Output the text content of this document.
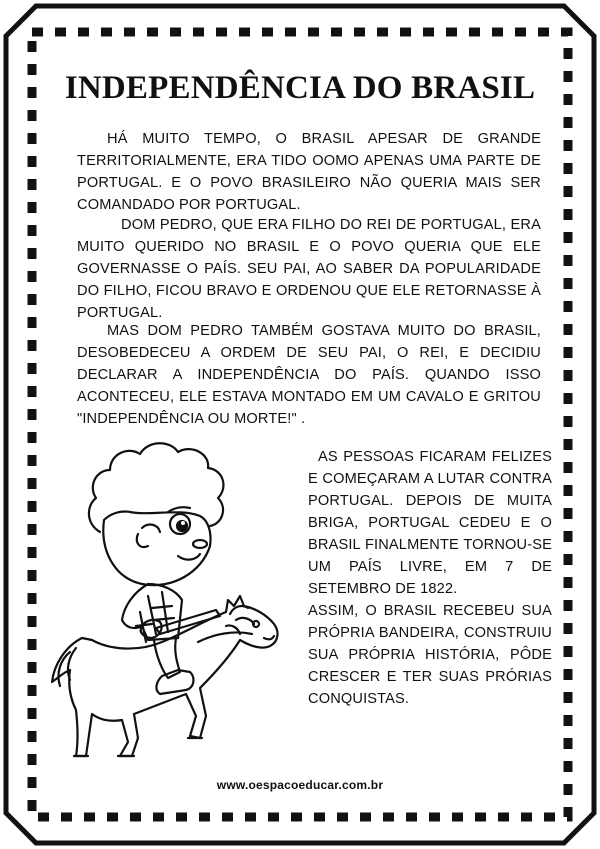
INDEPENDÊNCIA DO BRASIL

HÁ MUITO TEMPO, O BRASIL APESAR DE GRANDE TERRITORIALMENTE, ERA TIDO OOMO APENAS UMA PARTE DE PORTUGAL. E O POVO BRASILEIRO NÃO QUERIA MAIS SER COMANDADO POR PORTUGAL.

DOM PEDRO, QUE ERA FILHO DO REI DE PORTUGAL, ERA MUITO QUERIDO NO BRASIL E O POVO QUERIA QUE ELE GOVERNASSE O PAÍS. SEU PAI, AO SABER DA POPULARIDADE DO FILHO, FICOU BRAVO E ORDENOU QUE ELE RETORNASSE À PORTUGAL.

MAS DOM PEDRO TAMBÉM GOSTAVA MUITO DO BRASIL, DESOBEDECEU A ORDEM DE SEU PAI, O REI, E DECIDIU DECLARAR A INDEPENDÊNCIA DO PAÍS. QUANDO ISSO ACONTECEU, ELE ESTAVA MONTADO EM UM CAVALO E GRITOU "INDEPENDÊNCIA OU MORTE!" .

AS PESSOAS FICARAM FELIZES E COMEÇARAM A LUTAR CONTRA PORTUGAL. DEPOIS DE MUITA BRIGA, PORTUGAL CEDEU E O BRASIL FINALMENTE TORNOU-SE UM PAÍS LIVRE, EM 7 DE SETEMBRO DE 1822.

ASSIM, O BRASIL RECEBEU SUA PRÓPRIA BANDEIRA, CONSTRUIU SUA PRÓPRIA HISTÓRIA, PÔDE CRESCER E TER SUAS PRÓRIAS CONQUISTAS.

www.oespacoeducar.com.br
